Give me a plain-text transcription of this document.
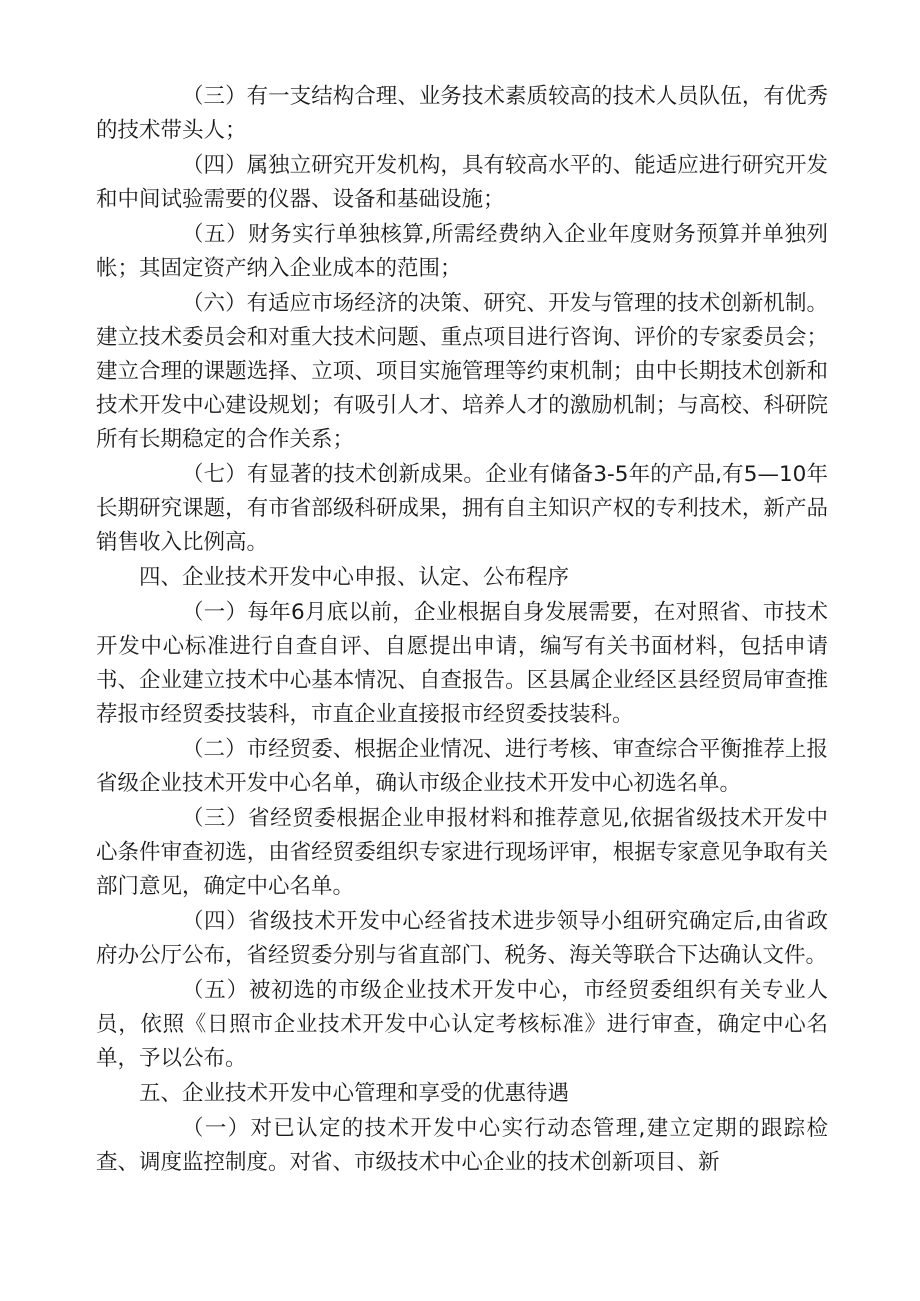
（三）有一支结构合理、业务技术素质较高的技术人员队伍，有优秀的技术带头人；

（四）属独立研究开发机构，具有较高水平的、能适应进行研究开发和中间试验需要的仪器、设备和基础设施；

（五）财务实行单独核算,所需经费纳入企业年度财务预算并单独列帐；其固定资产纳入企业成本的范围；

（六）有适应市场经济的决策、研究、开发与管理的技术创新机制。建立技术委员会和对重大技术问题、重点项目进行咨询、评价的专家委员会；建立合理的课题选择、立项、项目实施管理等约束机制；由中长期技术创新和技术开发中心建设规划；有吸引人才、培养人才的激励机制；与高校、科研院所有长期稳定的合作关系；

（七）有显著的技术创新成果。企业有储备3-5年的产品,有5—10年长期研究课题，有市省部级科研成果，拥有自主知识产权的专利技术，新产品销售收入比例高。

四、企业技术开发中心申报、认定、公布程序

（一）每年6月底以前，企业根据自身发展需要，在对照省、市技术开发中心标准进行自查自评、自愿提出申请，编写有关书面材料，包括申请书、企业建立技术中心基本情况、自查报告。区县属企业经区县经贸局审查推荐报市经贸委技装科，市直企业直接报市经贸委技装科。

（二）市经贸委、根据企业情况、进行考核、审查综合平衡推荐上报省级企业技术开发中心名单，确认市级企业技术开发中心初选名单。

（三）省经贸委根据企业申报材料和推荐意见,依据省级技术开发中心条件审查初选，由省经贸委组织专家进行现场评审，根据专家意见争取有关部门意见，确定中心名单。

（四）省级技术开发中心经省技术进步领导小组研究确定后,由省政府办公厅公布，省经贸委分别与省直部门、税务、海关等联合下达确认文件。

（五）被初选的市级企业技术开发中心，市经贸委组织有关专业人员，依照《日照市企业技术开发中心认定考核标准》进行审查，确定中心名单，予以公布。

五、企业技术开发中心管理和享受的优惠待遇

（一）对已认定的技术开发中心实行动态管理,建立定期的跟踪检查、调度监控制度。对省、市级技术中心企业的技术创新项目、新
